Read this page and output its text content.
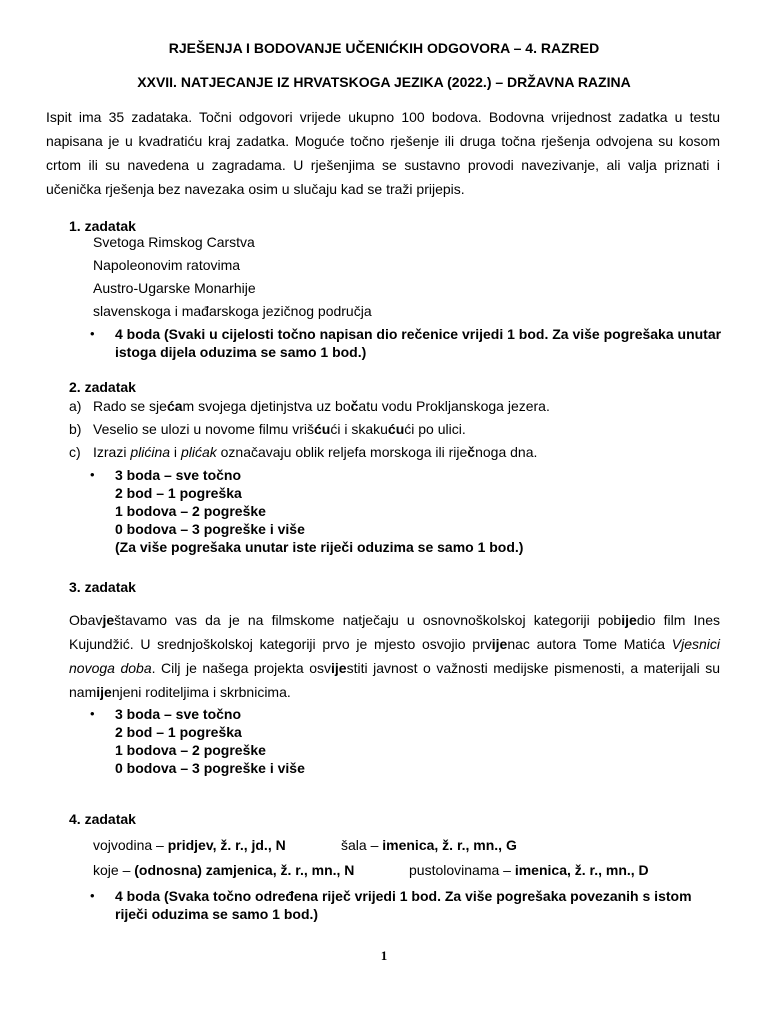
RJEŠENJA I BODOVANJE UČENIĆKIH ODGOVORA – 4. RAZRED
XXVII. NATJECANJE IZ HRVATSKOGA JEZIKA (2022.) – DRŽAVNA RAZINA
Ispit ima 35 zadataka. Točni odgovori vrijede ukupno 100 bodova. Bodovna vrijednost zadatka u testu napisana je u kvadratiću kraj zadatka. Moguće točno rješenje ili druga točna rješenja odvojena su kosom crtom ili su navedena u zagradama. U rješenjima se sustavno provodi navezivanje, ali valja priznati i učenička rješenja bez navezaka osim u slučaju kad se traži prijepis.
1. zadatak
Svetoga Rimskog Carstva
Napoleonovim ratovima
Austro-Ugarske Monarhije
slavenskoga i mađarskoga jezičnog područja
• 4 boda (Svaki u cijelosti točno napisan dio rečenice vrijedi 1 bod. Za više pogrešaka unutar
istoga dijela oduzima se samo 1 bod.)
2. zadatak
a) Rado se sjećam svojega djetinjstva uz bočatu vodu Prokljanskoga jezera.
b) Veselio se ulozi u novome filmu vrišćući i skakućući po ulici.
c) Izrazi plićina i plićak označavaju oblik reljefa morskoga ili riječnoga dna.
• 3 boda – sve točno
2 bod – 1 pogreška
1 bodova – 2 pogreške
0 bodova – 3 pogreške i više
(Za više pogrešaka unutar iste riječi oduzima se samo 1 bod.)
3. zadatak
Obavještavamo vas da je na filmskome natječaju u osnovnoškolskoj kategoriji pobijedio film Ines Kujundžić. U srednjoškolskoj kategoriji prvo je mjesto osvojio prvijenac autora Tome Matića Vjesnici novoga doba. Cilj je našega projekta osvijestiti javnost o važnosti medijske pismenosti, a materijali su namijenjeni roditeljima i skrbnicima.
• 3 boda – sve točno
2 bod – 1 pogreška
1 bodova – 2 pogreške
0 bodova – 3 pogreške i više
4. zadatak
vojvodina – pridjev, ž. r., jd., N	šala – imenica, ž. r., mn., G
koje – (odnosna) zamjenica, ž. r., mn., N	pustolovinama – imenica, ž. r., mn., D
• 4 boda (Svaka točno određena riječ vrijedi 1 bod. Za više pogrešaka povezanih s istom
riječi oduzima se samo 1 bod.)
1
